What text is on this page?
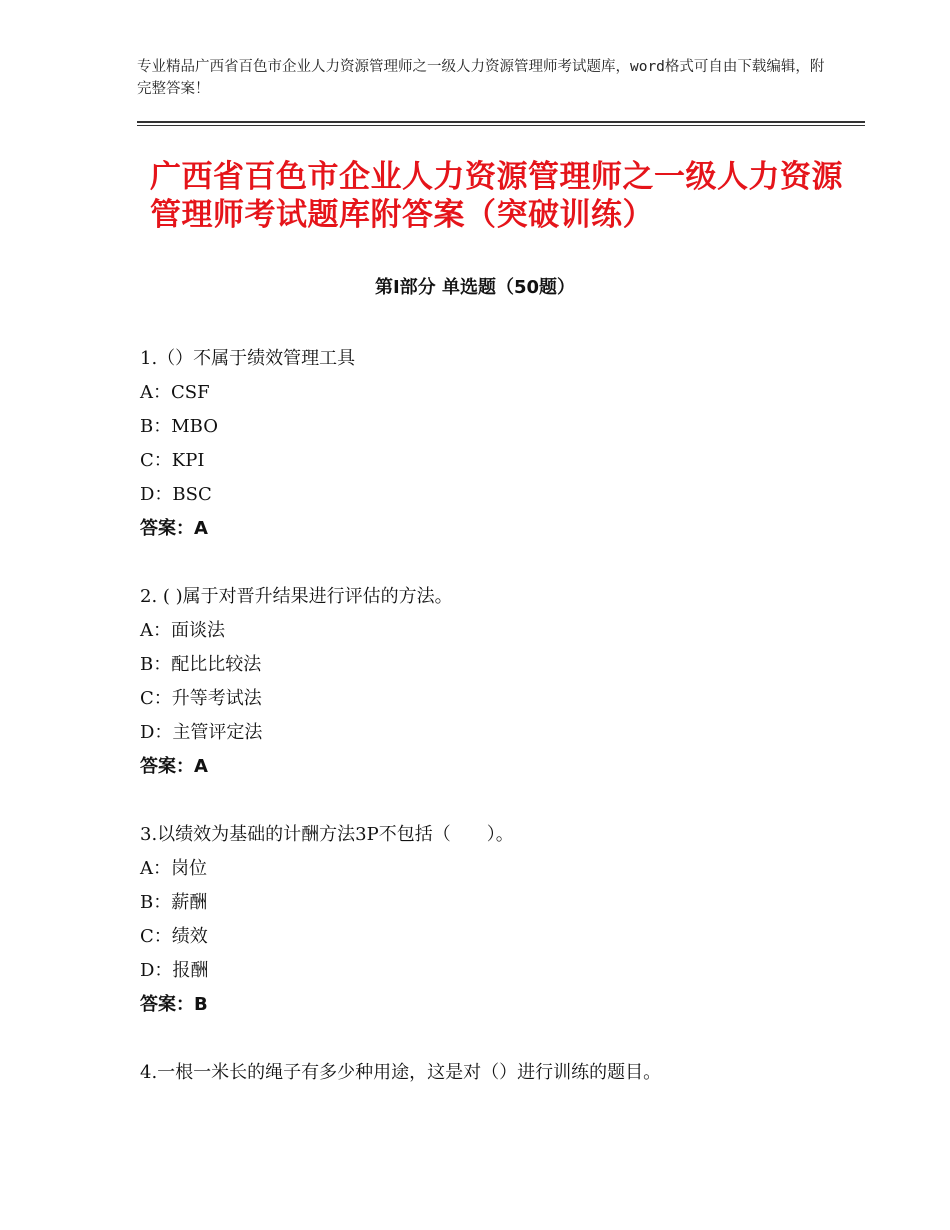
专业精品广西省百色市企业人力资源管理师之一级人力资源管理师考试题库，word格式可自由下载编辑，附完整答案！
广西省百色市企业人力资源管理师之一级人力资源管理师考试题库附答案（突破训练）
第Ⅰ部分 单选题（50题）
1.（）不属于绩效管理工具
A：CSF
B：MBO
C：KPI
D：BSC
答案：A
2. ( )属于对晋升结果进行评估的方法。
A：面谈法
B：配比比较法
C：升等考试法
D：主管评定法
答案：A
3.以绩效为基础的计酬方法3P不包括（　　）。
A：岗位
B：薪酬
C：绩效
D：报酬
答案：B
4.一根一米长的绳子有多少种用途，这是对（）进行训练的题目。
